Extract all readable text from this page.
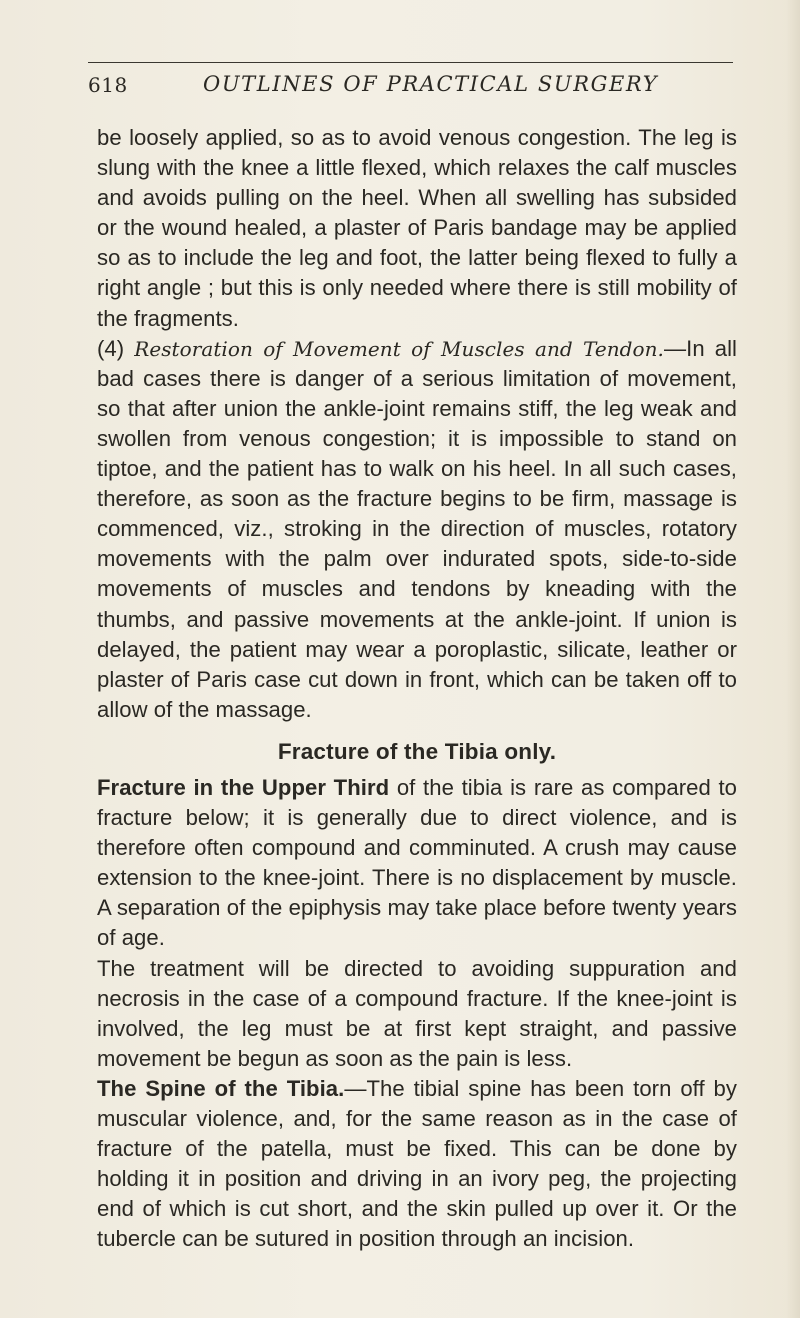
618	OUTLINES OF PRACTICAL SURGERY

be loosely applied, so as to avoid venous congestion. The leg is slung with the knee a little flexed, which relaxes the calf muscles and avoids pulling on the heel. When all swelling has subsided or the wound healed, a plaster of Paris bandage may be applied so as to include the leg and foot, the latter being flexed to fully a right angle ; but this is only needed where there is still mobility of the fragments.

(4) Restoration of Movement of Muscles and Tendon.—In all bad cases there is danger of a serious limitation of movement, so that after union the ankle-joint remains stiff, the leg weak and swollen from venous congestion; it is impossible to stand on tiptoe, and the patient has to walk on his heel. In all such cases, therefore, as soon as the fracture begins to be firm, massage is commenced, viz., stroking in the direction of muscles, rotatory movements with the palm over indurated spots, side-to-side movements of muscles and tendons by kneading with the thumbs, and passive movements at the ankle-joint. If union is delayed, the patient may wear a poroplastic, silicate, leather or plaster of Paris case cut down in front, which can be taken off to allow of the massage.

Fracture of the Tibia only.

Fracture in the Upper Third of the tibia is rare as compared to fracture below; it is generally due to direct violence, and is therefore often compound and comminuted. A crush may cause extension to the knee-joint. There is no displacement by muscle. A separation of the epiphysis may take place before twenty years of age.

The treatment will be directed to avoiding suppuration and necrosis in the case of a compound fracture. If the knee-joint is involved, the leg must be at first kept straight, and passive movement be begun as soon as the pain is less.

The Spine of the Tibia.—The tibial spine has been torn off by muscular violence, and, for the same reason as in the case of fracture of the patella, must be fixed. This can be done by holding it in position and driving in an ivory peg, the projecting end of which is cut short, and the skin pulled up over it. Or the tubercle can be sutured in position through an incision.
